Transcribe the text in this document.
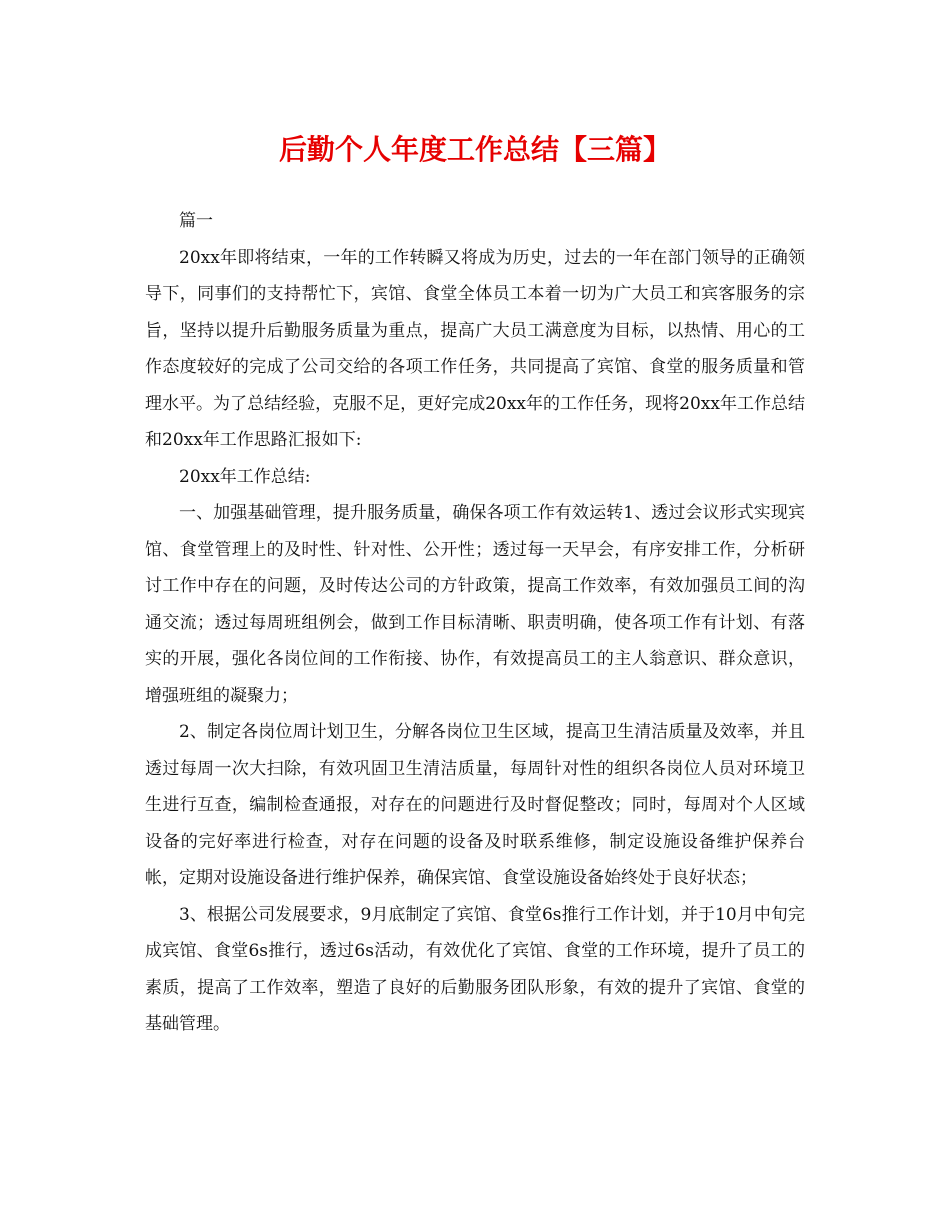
后勤个人年度工作总结【三篇】

篇一

20xx年即将结束，一年的工作转瞬又将成为历史，过去的一年在部门领导的正确领导下，同事们的支持帮忙下，宾馆、食堂全体员工本着一切为广大员工和宾客服务的宗旨，坚持以提升后勤服务质量为重点，提高广大员工满意度为目标，以热情、用心的工作态度较好的完成了公司交给的各项工作任务，共同提高了宾馆、食堂的服务质量和管理水平。为了总结经验，克服不足，更好完成20xx年的工作任务，现将20xx年工作总结和20xx年工作思路汇报如下:

20xx年工作总结:

一、加强基础管理，提升服务质量，确保各项工作有效运转1、透过会议形式实现宾馆、食堂管理上的及时性、针对性、公开性；透过每一天早会，有序安排工作，分析研讨工作中存在的问题，及时传达公司的方针政策，提高工作效率，有效加强员工间的沟通交流；透过每周班组例会，做到工作目标清晰、职责明确，使各项工作有计划、有落实的开展，强化各岗位间的工作衔接、协作，有效提高员工的主人翁意识、群众意识，增强班组的凝聚力；

2、制定各岗位周计划卫生，分解各岗位卫生区域，提高卫生清洁质量及效率，并且透过每周一次大扫除，有效巩固卫生清洁质量，每周针对性的组织各岗位人员对环境卫生进行互查，编制检查通报，对存在的问题进行及时督促整改；同时，每周对个人区域设备的完好率进行检查，对存在问题的设备及时联系维修，制定设施设备维护保养台帐，定期对设施设备进行维护保养，确保宾馆、食堂设施设备始终处于良好状态；

3、根据公司发展要求，9月底制定了宾馆、食堂6s推行工作计划，并于10月中旬完成宾馆、食堂6s推行，透过6s活动，有效优化了宾馆、食堂的工作环境，提升了员工的素质，提高了工作效率，塑造了良好的后勤服务团队形象，有效的提升了宾馆、食堂的基础管理。
